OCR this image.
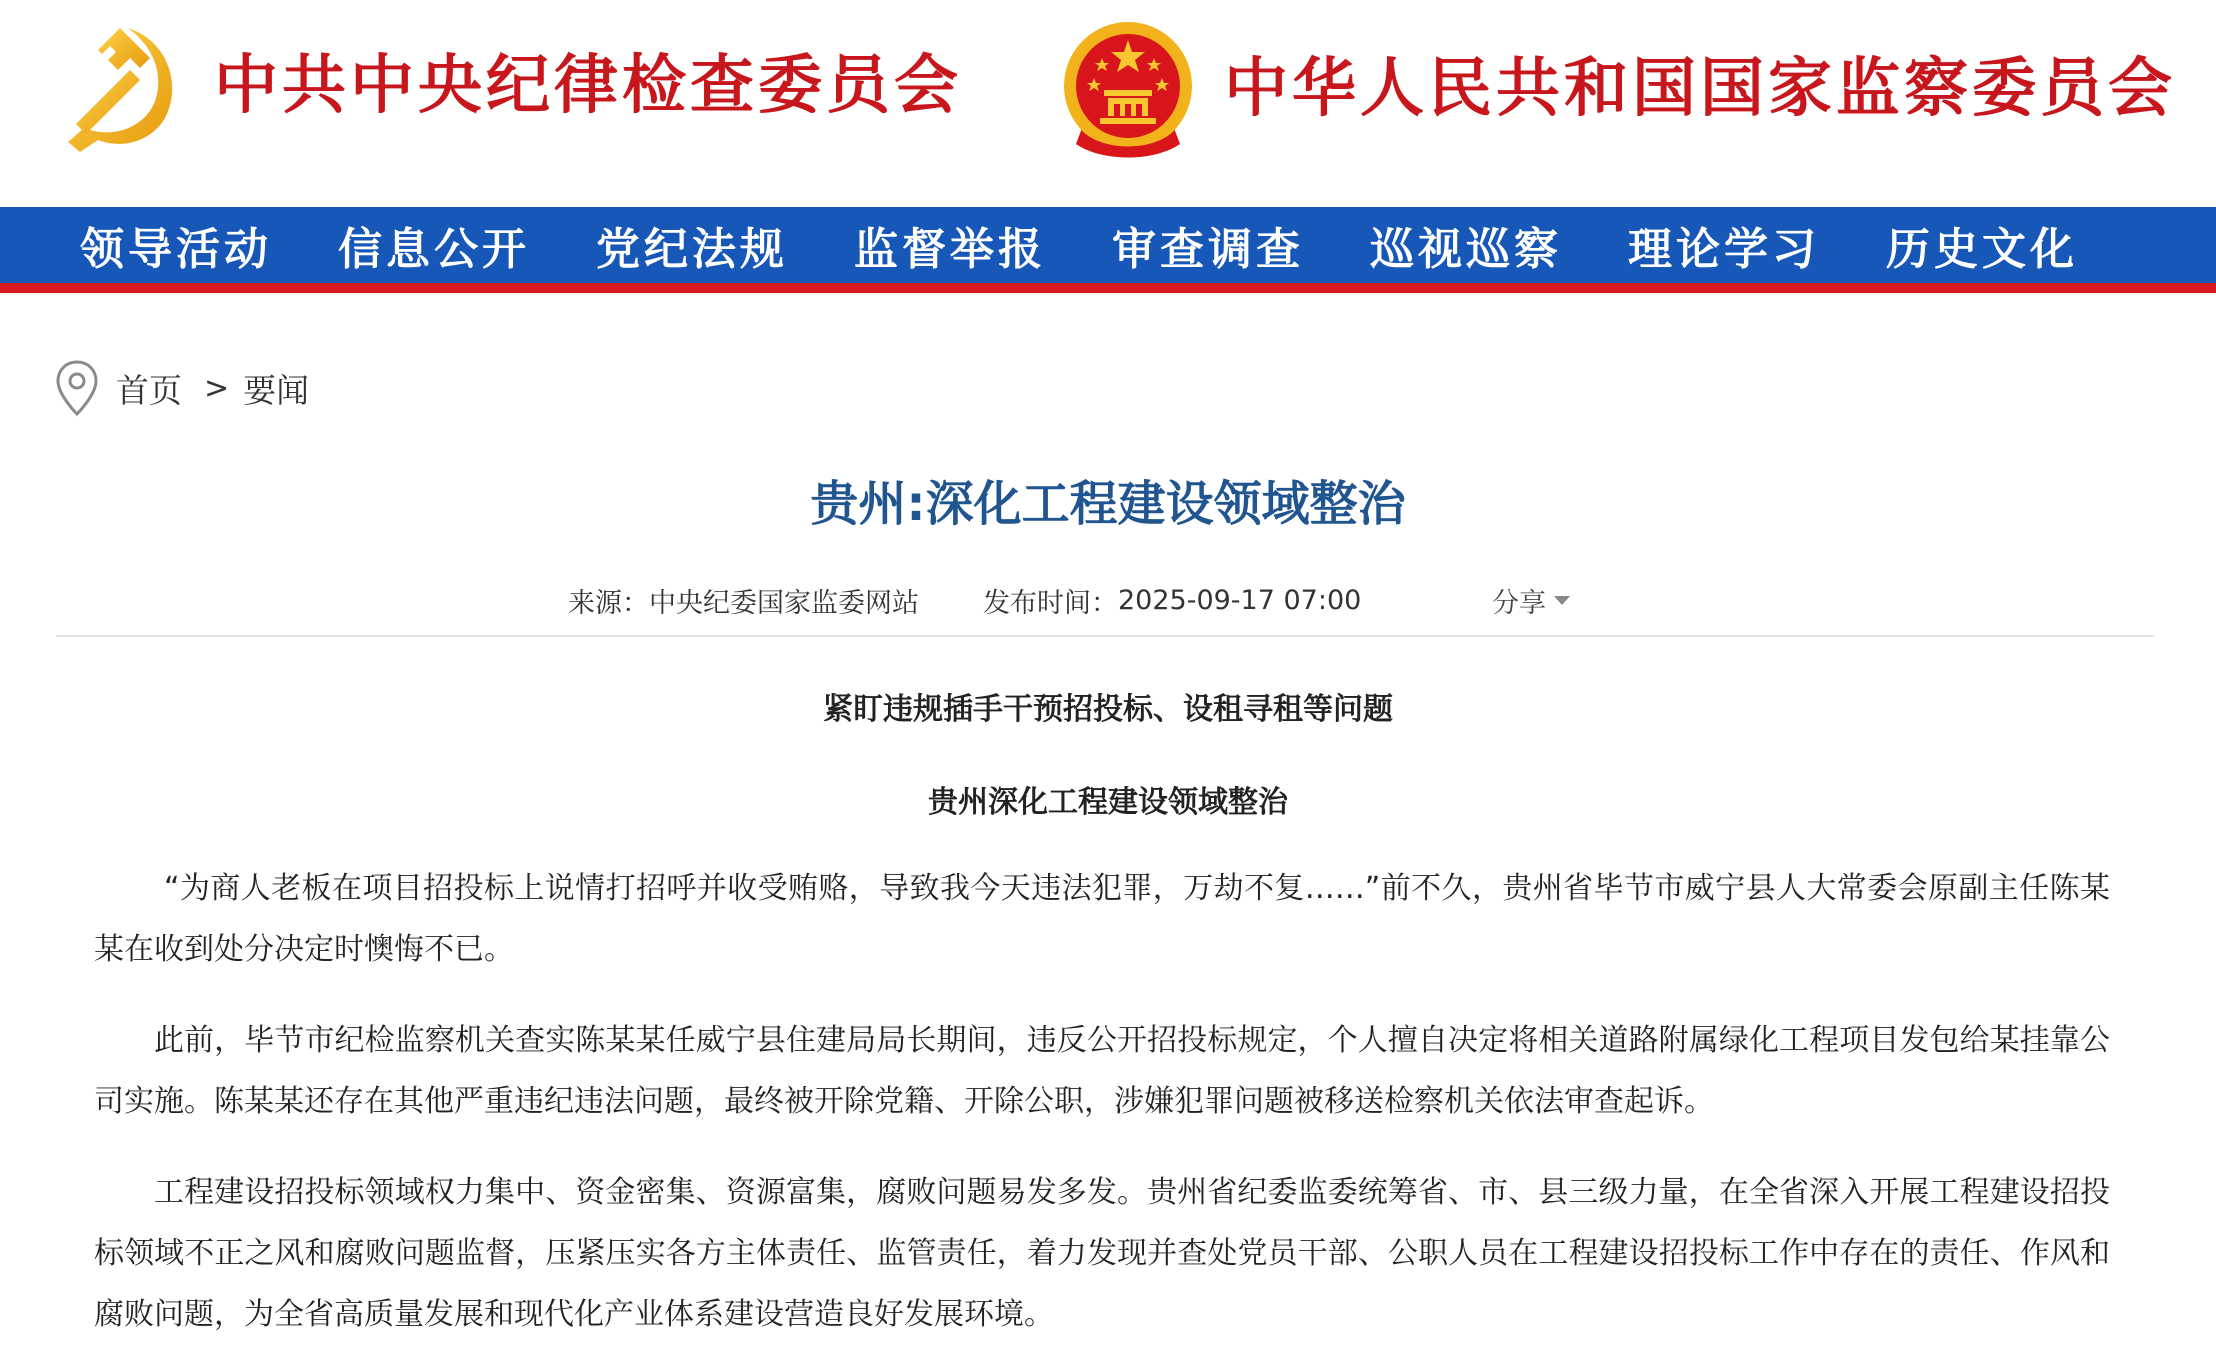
中共中央纪律检查委员会	中华人民共和国国家监察委员会
领导活动	信息公开	党纪法规	监督举报	审查调查	巡视巡察	理论学习	历史文化
首页 > 要闻
贵州:深化工程建设领域整治
来源：中央纪委国家监委网站 发布时间： 2025-09-17 07:00	分享
紧盯违规插手干预招投标、设租寻租等问题
贵州深化工程建设领域整治
“为商人老板在项目招投标上说情打招呼并收受贿赂，导致我今天违法犯罪，万劫不复……”前不久，贵州省毕节市威宁县人大常委会原副主任陈某某在收到处分决定时懊悔不已。
此前，毕节市纪检监察机关查实陈某某任威宁县住建局局长期间，违反公开招投标规定，个人擅自决定将相关道路附属绿化工程项目发包给某挂靠公司实施。陈某某还存在其他严重违纪违法问题，最终被开除党籍、开除公职，涉嫌犯罪问题被移送检察机关依法审查起诉。
工程建设招投标领域权力集中、资金密集、资源富集，腐败问题易发多发。贵州省纪委监委统筹省、市、县三级力量，在全省深入开展工程建设招投标领域不正之风和腐败问题监督，压紧压实各方主体责任、监管责任，着力发现并查处党员干部、公职人员在工程建设招投标工作中存在的责任、作风和腐败问题，为全省高质量发展和现代化产业体系建设营造良好发展环境。
